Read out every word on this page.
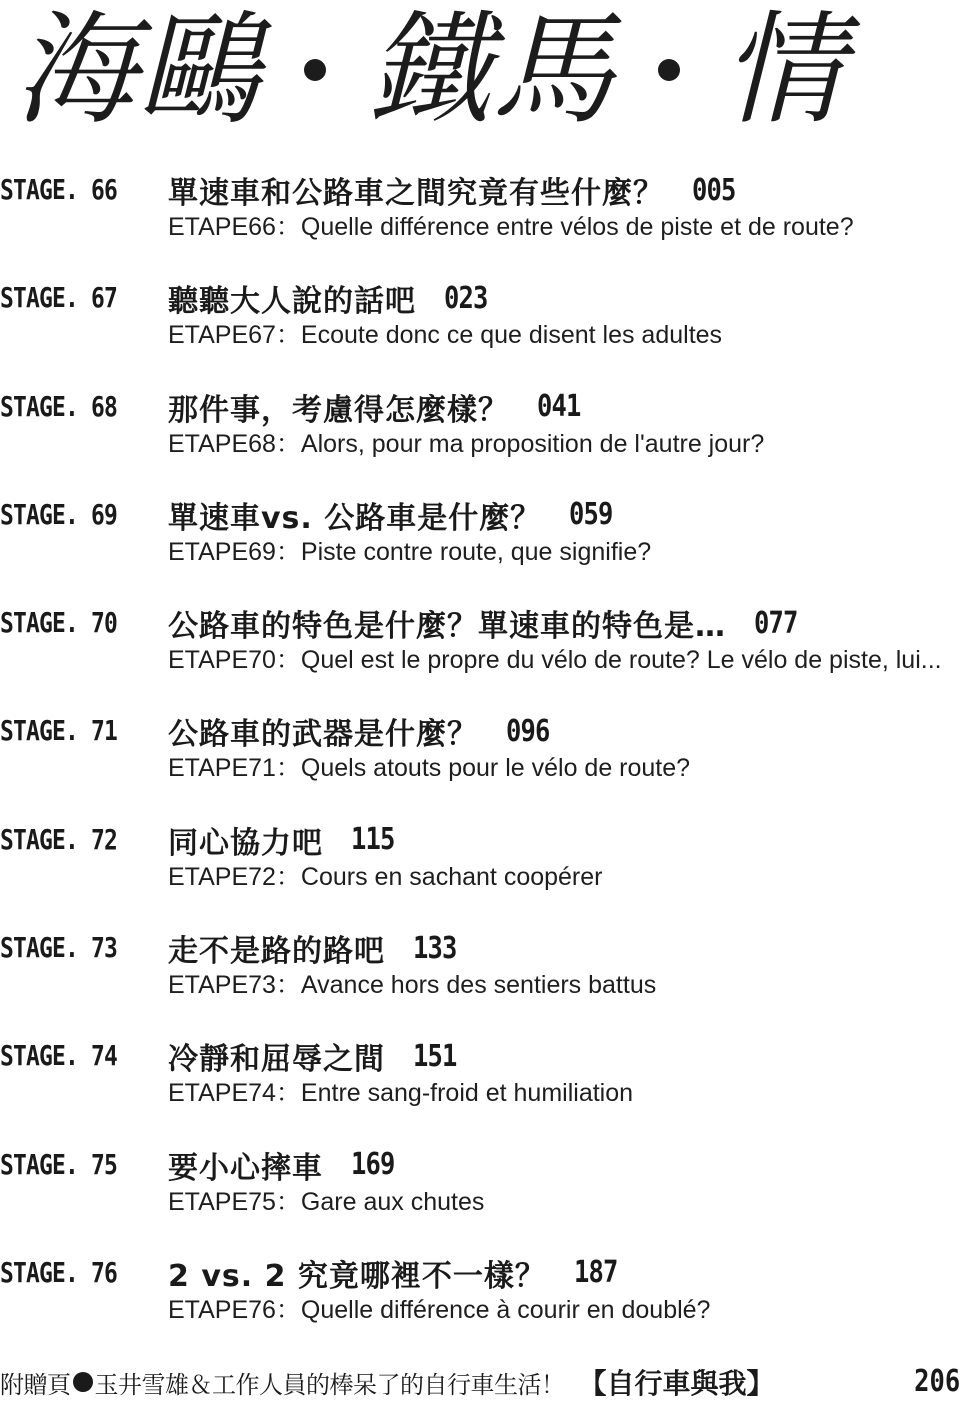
海鷗 鐵馬 情
STAGE. 66 單速車和公路車之間究竟有些什麼？ 005
ETAPE66：Quelle différence entre vélos de piste et de route?
STAGE. 67 聽聽大人說的話吧 023
ETAPE67：Ecoute donc ce que disent les adultes
STAGE. 68 那件事，考慮得怎麼樣？ 041
ETAPE68：Alors, pour ma proposition de l'autre jour?
STAGE. 69 單速車vs. 公路車是什麼？ 059
ETAPE69：Piste contre route, que signifie?
STAGE. 70 公路車的特色是什麼？單速車的特色是… 077
ETAPE70：Quel est le propre du vélo de route? Le vélo de piste, lui...
STAGE. 71 公路車的武器是什麼？ 096
ETAPE71：Quels atouts pour le vélo de route?
STAGE. 72 同心協力吧 115
ETAPE72：Cours en sachant coopérer
STAGE. 73 走不是路的路吧 133
ETAPE73：Avance hors des sentiers battus
STAGE. 74 冷靜和屈辱之間 151
ETAPE74：Entre sang-froid et humiliation
STAGE. 75 要小心摔車 169
ETAPE75：Gare aux chutes
STAGE. 76 2 vs. 2 究竟哪裡不一樣？ 187
ETAPE76：Quelle différence à courir en doublé?
附贈頁 玉井雪雄＆工作人員的棒呆了的自行車生活！ 【自行車與我】	206
